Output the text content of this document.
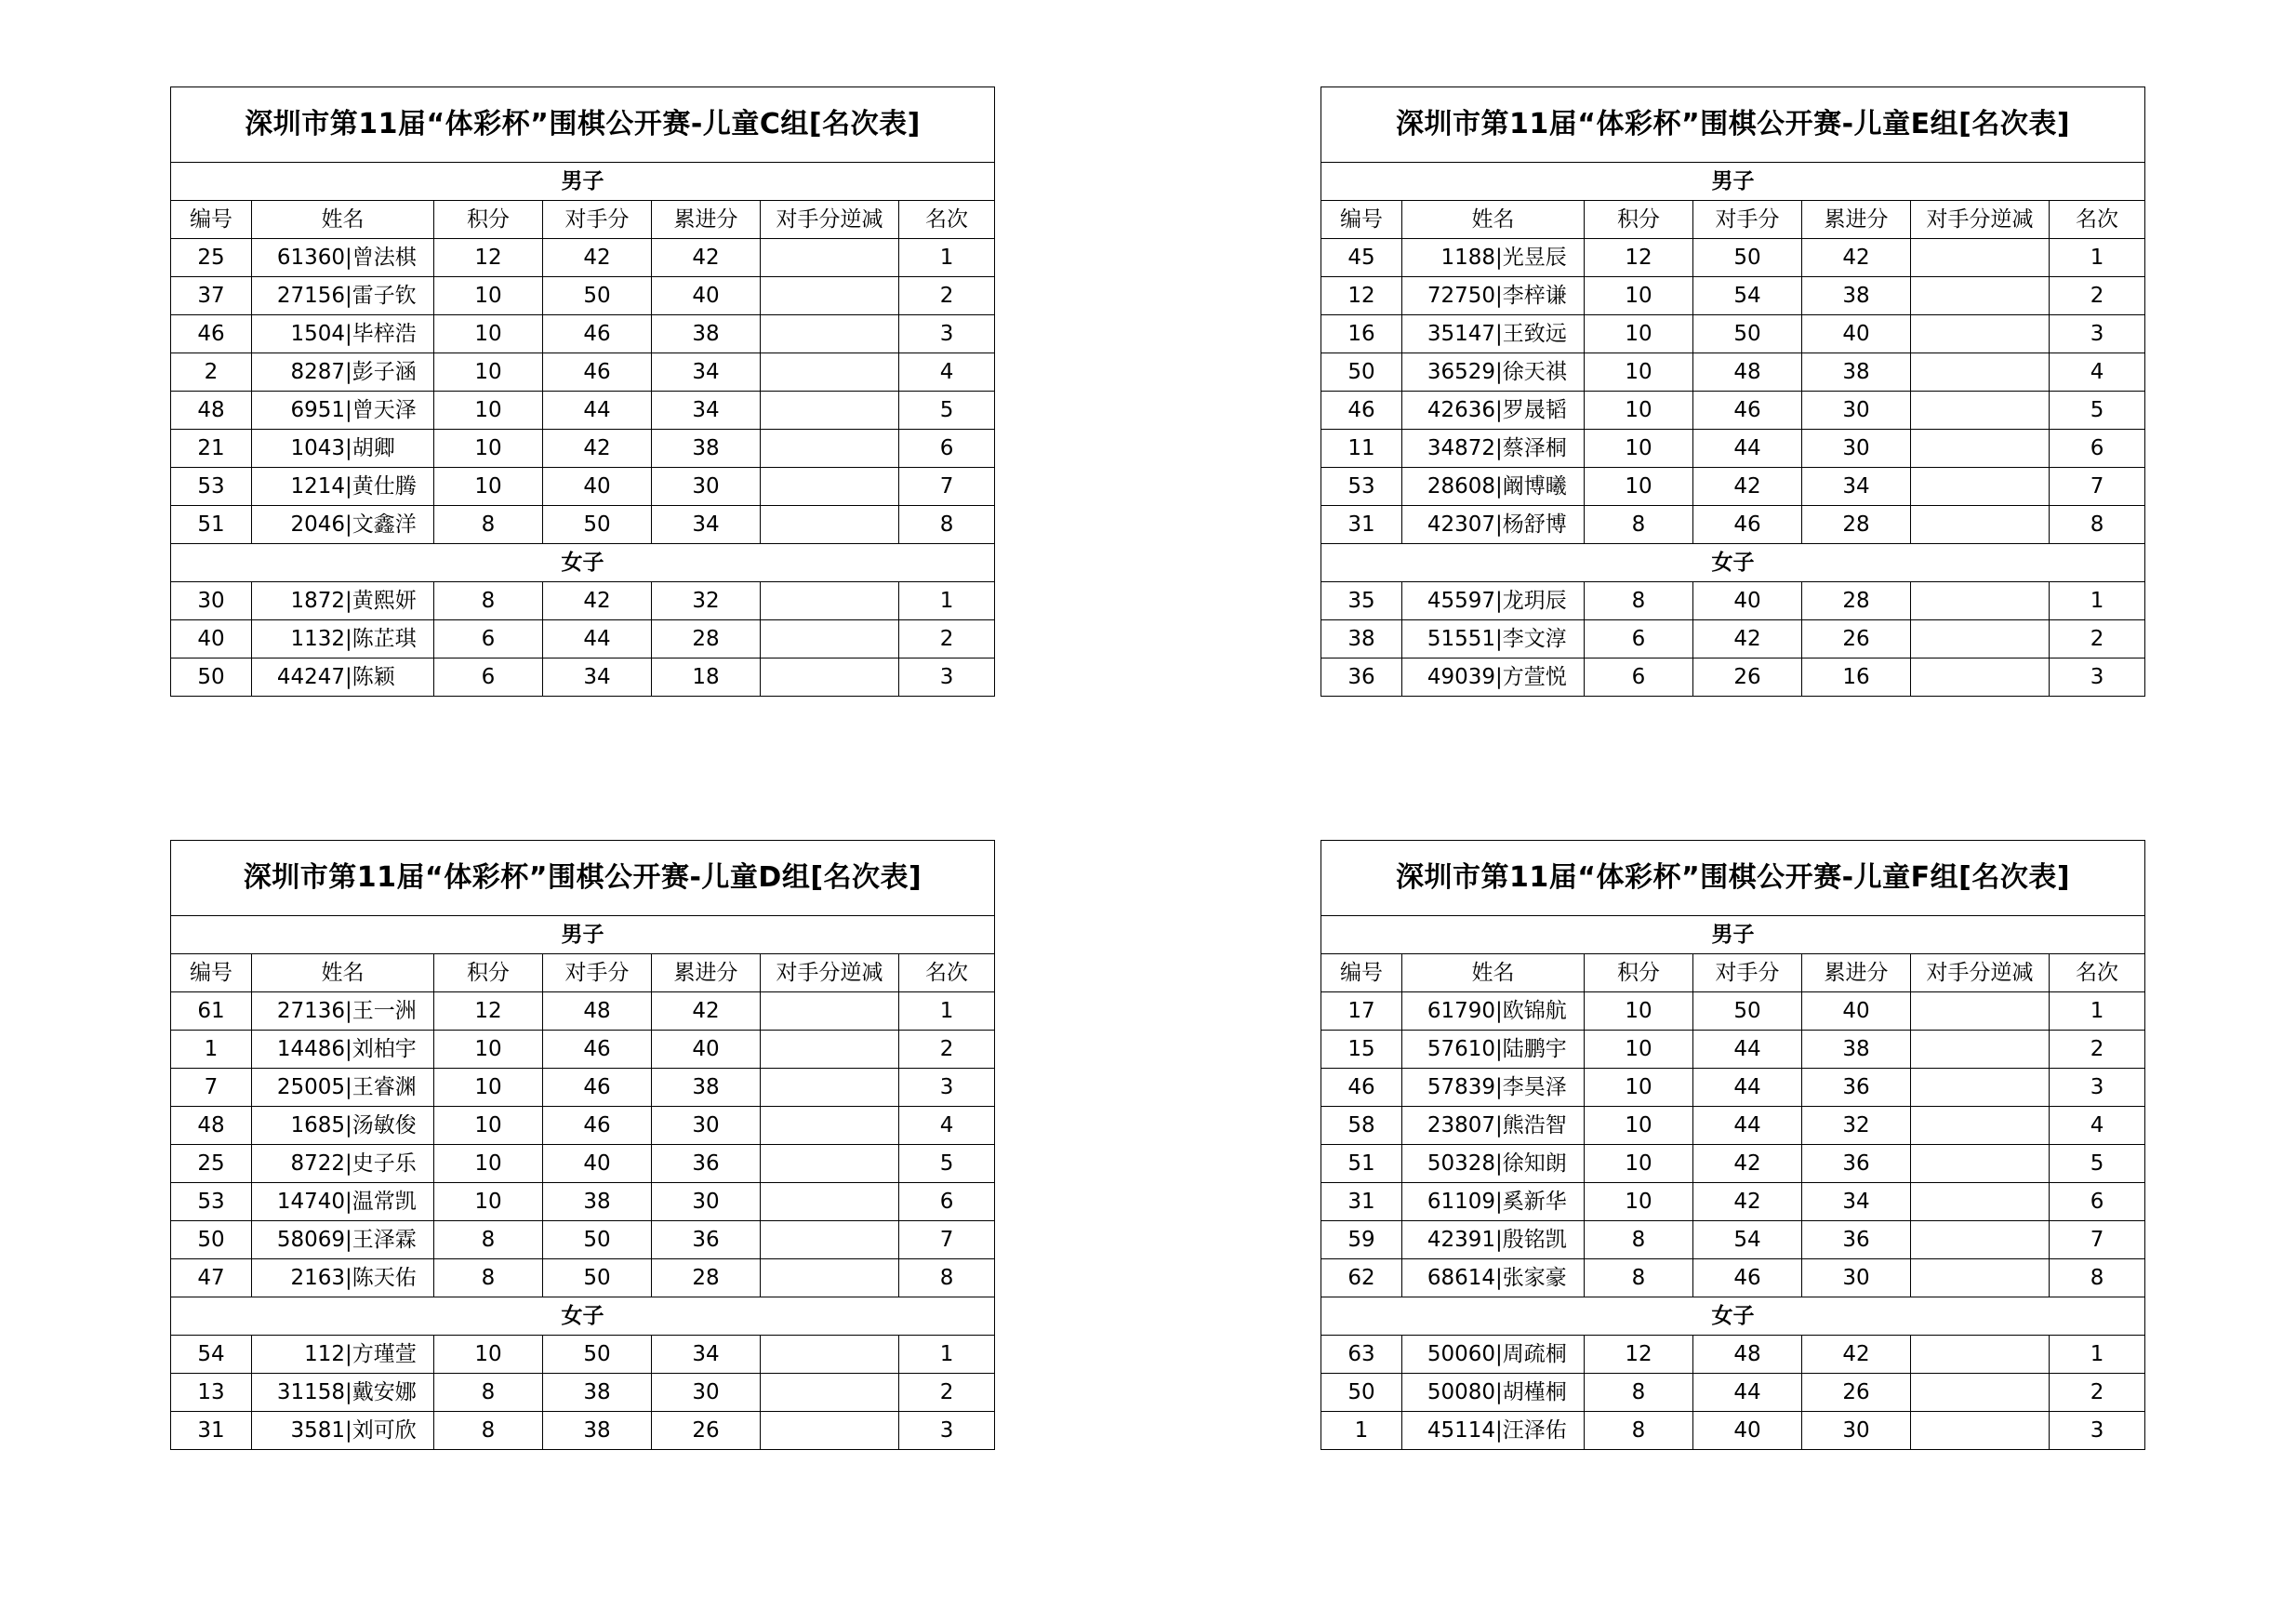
深圳市第11届“体彩杯”围棋公开赛-儿童C组[名次表]						
男子						
编号	姓名	积分	对手分	累进分	对手分逆减	名次
25	61360|曾法棋	12	42	42		1
37	27156|雷子钦	10	50	40		2
46	1504|毕梓浩	10	46	38		3
2	8287|彭子涵	10	46	34		4
48	6951|曾天泽	10	44	34		5
21	1043|胡卿	10	42	38		6
53	1214|黄仕腾	10	40	30		7
51	2046|文鑫洋	8	50	34		8
女子						
30	1872|黄熙妍	8	42	32		1
40	1132|陈芷琪	6	44	28		2
50	44247|陈颖	6	34	18		3
深圳市第11届“体彩杯”围棋公开赛-儿童E组[名次表]						
男子						
编号	姓名	积分	对手分	累进分	对手分逆减	名次
45	1188|光昱辰	12	50	42		1
12	72750|李梓谦	10	54	38		2
16	35147|王致远	10	50	40		3
50	36529|徐天祺	10	48	38		4
46	42636|罗晟韬	10	46	30		5
11	34872|蔡泽桐	10	44	30		6
53	28608|阚博曦	10	42	34		7
31	42307|杨舒博	8	46	28		8
女子						
35	45597|龙玥辰	8	40	28		1
38	51551|李文淳	6	42	26		2
36	49039|方萱悦	6	26	16		3
深圳市第11届“体彩杯”围棋公开赛-儿童D组[名次表]						
男子						
编号	姓名	积分	对手分	累进分	对手分逆减	名次
61	27136|王一洲	12	48	42		1
1	14486|刘柏宇	10	46	40		2
7	25005|王睿渊	10	46	38		3
48	1685|汤敏俊	10	46	30		4
25	8722|史子乐	10	40	36		5
53	14740|温常凯	10	38	30		6
50	58069|王泽霖	8	50	36		7
47	2163|陈天佑	8	50	28		8
女子						
54	112|方瑾萱	10	50	34		1
13	31158|戴安娜	8	38	30		2
31	3581|刘可欣	8	38	26		3
深圳市第11届“体彩杯”围棋公开赛-儿童F组[名次表]						
男子						
编号	姓名	积分	对手分	累进分	对手分逆减	名次
17	61790|欧锦航	10	50	40		1
15	57610|陆鹏宇	10	44	38		2
46	57839|李昊泽	10	44	36		3
58	23807|熊浩智	10	44	32		4
51	50328|徐知朗	10	42	36		5
31	61109|奚新华	10	42	34		6
59	42391|殷铭凯	8	54	36		7
62	68614|张家豪	8	46	30		8
女子						
63	50060|周疏桐	12	48	42		1
50	50080|胡槿桐	8	44	26		2
1	45114|汪泽佑	8	40	30		3
